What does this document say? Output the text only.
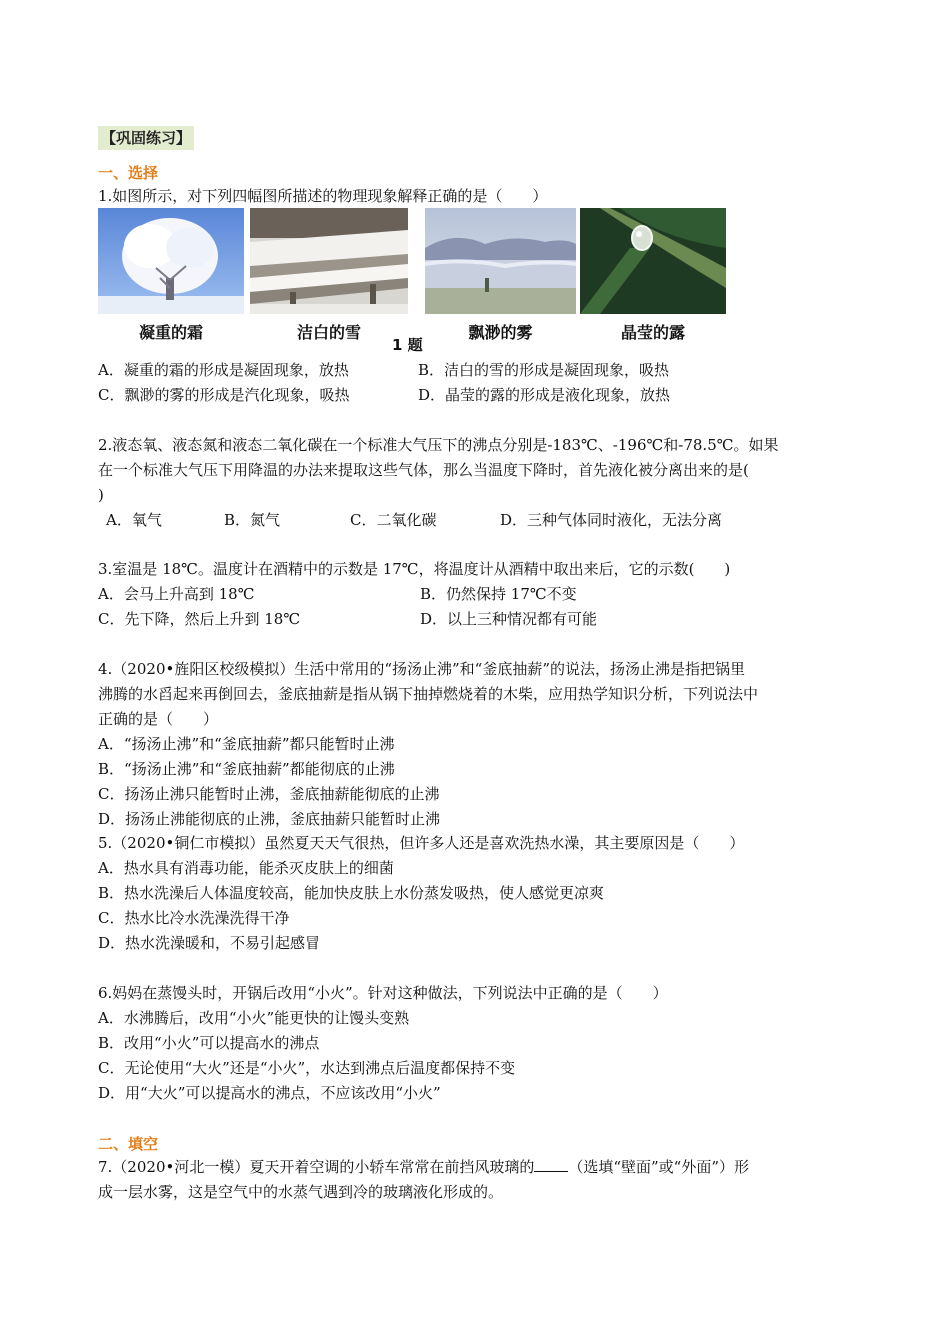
【巩固练习】
一、选择
1.如图所示，对下列四幅图所描述的物理现象解释正确的是（　　）
凝重的霜	洁白的雪	飘渺的雾	晶莹的露
1 题
A．凝重的霜的形成是凝固现象，放热	B．洁白的雪的形成是凝固现象，吸热
C．飘渺的雾的形成是汽化现象，吸热	D．晶莹的露的形成是液化现象，放热
2.液态氧、液态氮和液态二氧化碳在一个标准大气压下的沸点分别是-183℃、-196℃和-78.5℃。如果
在一个标准大气压下用降温的办法来提取这些气体，那么当温度下降时，首先液化被分离出来的是(
)
A．氧气	B．氮气	C．二氧化碳	D．三种气体同时液化，无法分离
3.室温是 18℃。温度计在酒精中的示数是 17℃，将温度计从酒精中取出来后，它的示数(　　)
A．会马上升高到 18℃	B．仍然保持 17℃不变
C．先下降，然后上升到 18℃	D．以上三种情况都有可能
4.（2020•旌阳区校级模拟）生活中常用的“扬汤止沸”和“釜底抽薪”的说法，扬汤止沸是指把锅里
沸腾的水舀起来再倒回去，釜底抽薪是指从锅下抽掉燃烧着的木柴，应用热学知识分析，下列说法中
正确的是（　　）
A．“扬汤止沸”和“釜底抽薪”都只能暂时止沸
B．“扬汤止沸”和“釜底抽薪”都能彻底的止沸
C．扬汤止沸只能暂时止沸，釜底抽薪能彻底的止沸
D．扬汤止沸能彻底的止沸，釜底抽薪只能暂时止沸
5.（2020•铜仁市模拟）虽然夏天天气很热，但许多人还是喜欢洗热水澡，其主要原因是（　　）
A．热水具有消毒功能，能杀灭皮肤上的细菌
B．热水洗澡后人体温度较高，能加快皮肤上水份蒸发吸热，使人感觉更凉爽
C．热水比冷水洗澡洗得干净
D．热水洗澡暖和，不易引起感冒
6.妈妈在蒸馒头时，开锅后改用“小火”。针对这种做法，下列说法中正确的是（　　）
A．水沸腾后，改用“小火”能更快的让馒头变熟
B．改用“小火”可以提高水的沸点
C．无论使用“大火”还是“小火”，水达到沸点后温度都保持不变
D．用“大火”可以提高水的沸点，不应该改用“小火”
二、填空
7.（2020•河北一模）夏天开着空调的小轿车常常在前挡风玻璃的 （选填“壁面”或“外面”）形
成一层水雾，这是空气中的水蒸气遇到冷的玻璃液化形成的。
